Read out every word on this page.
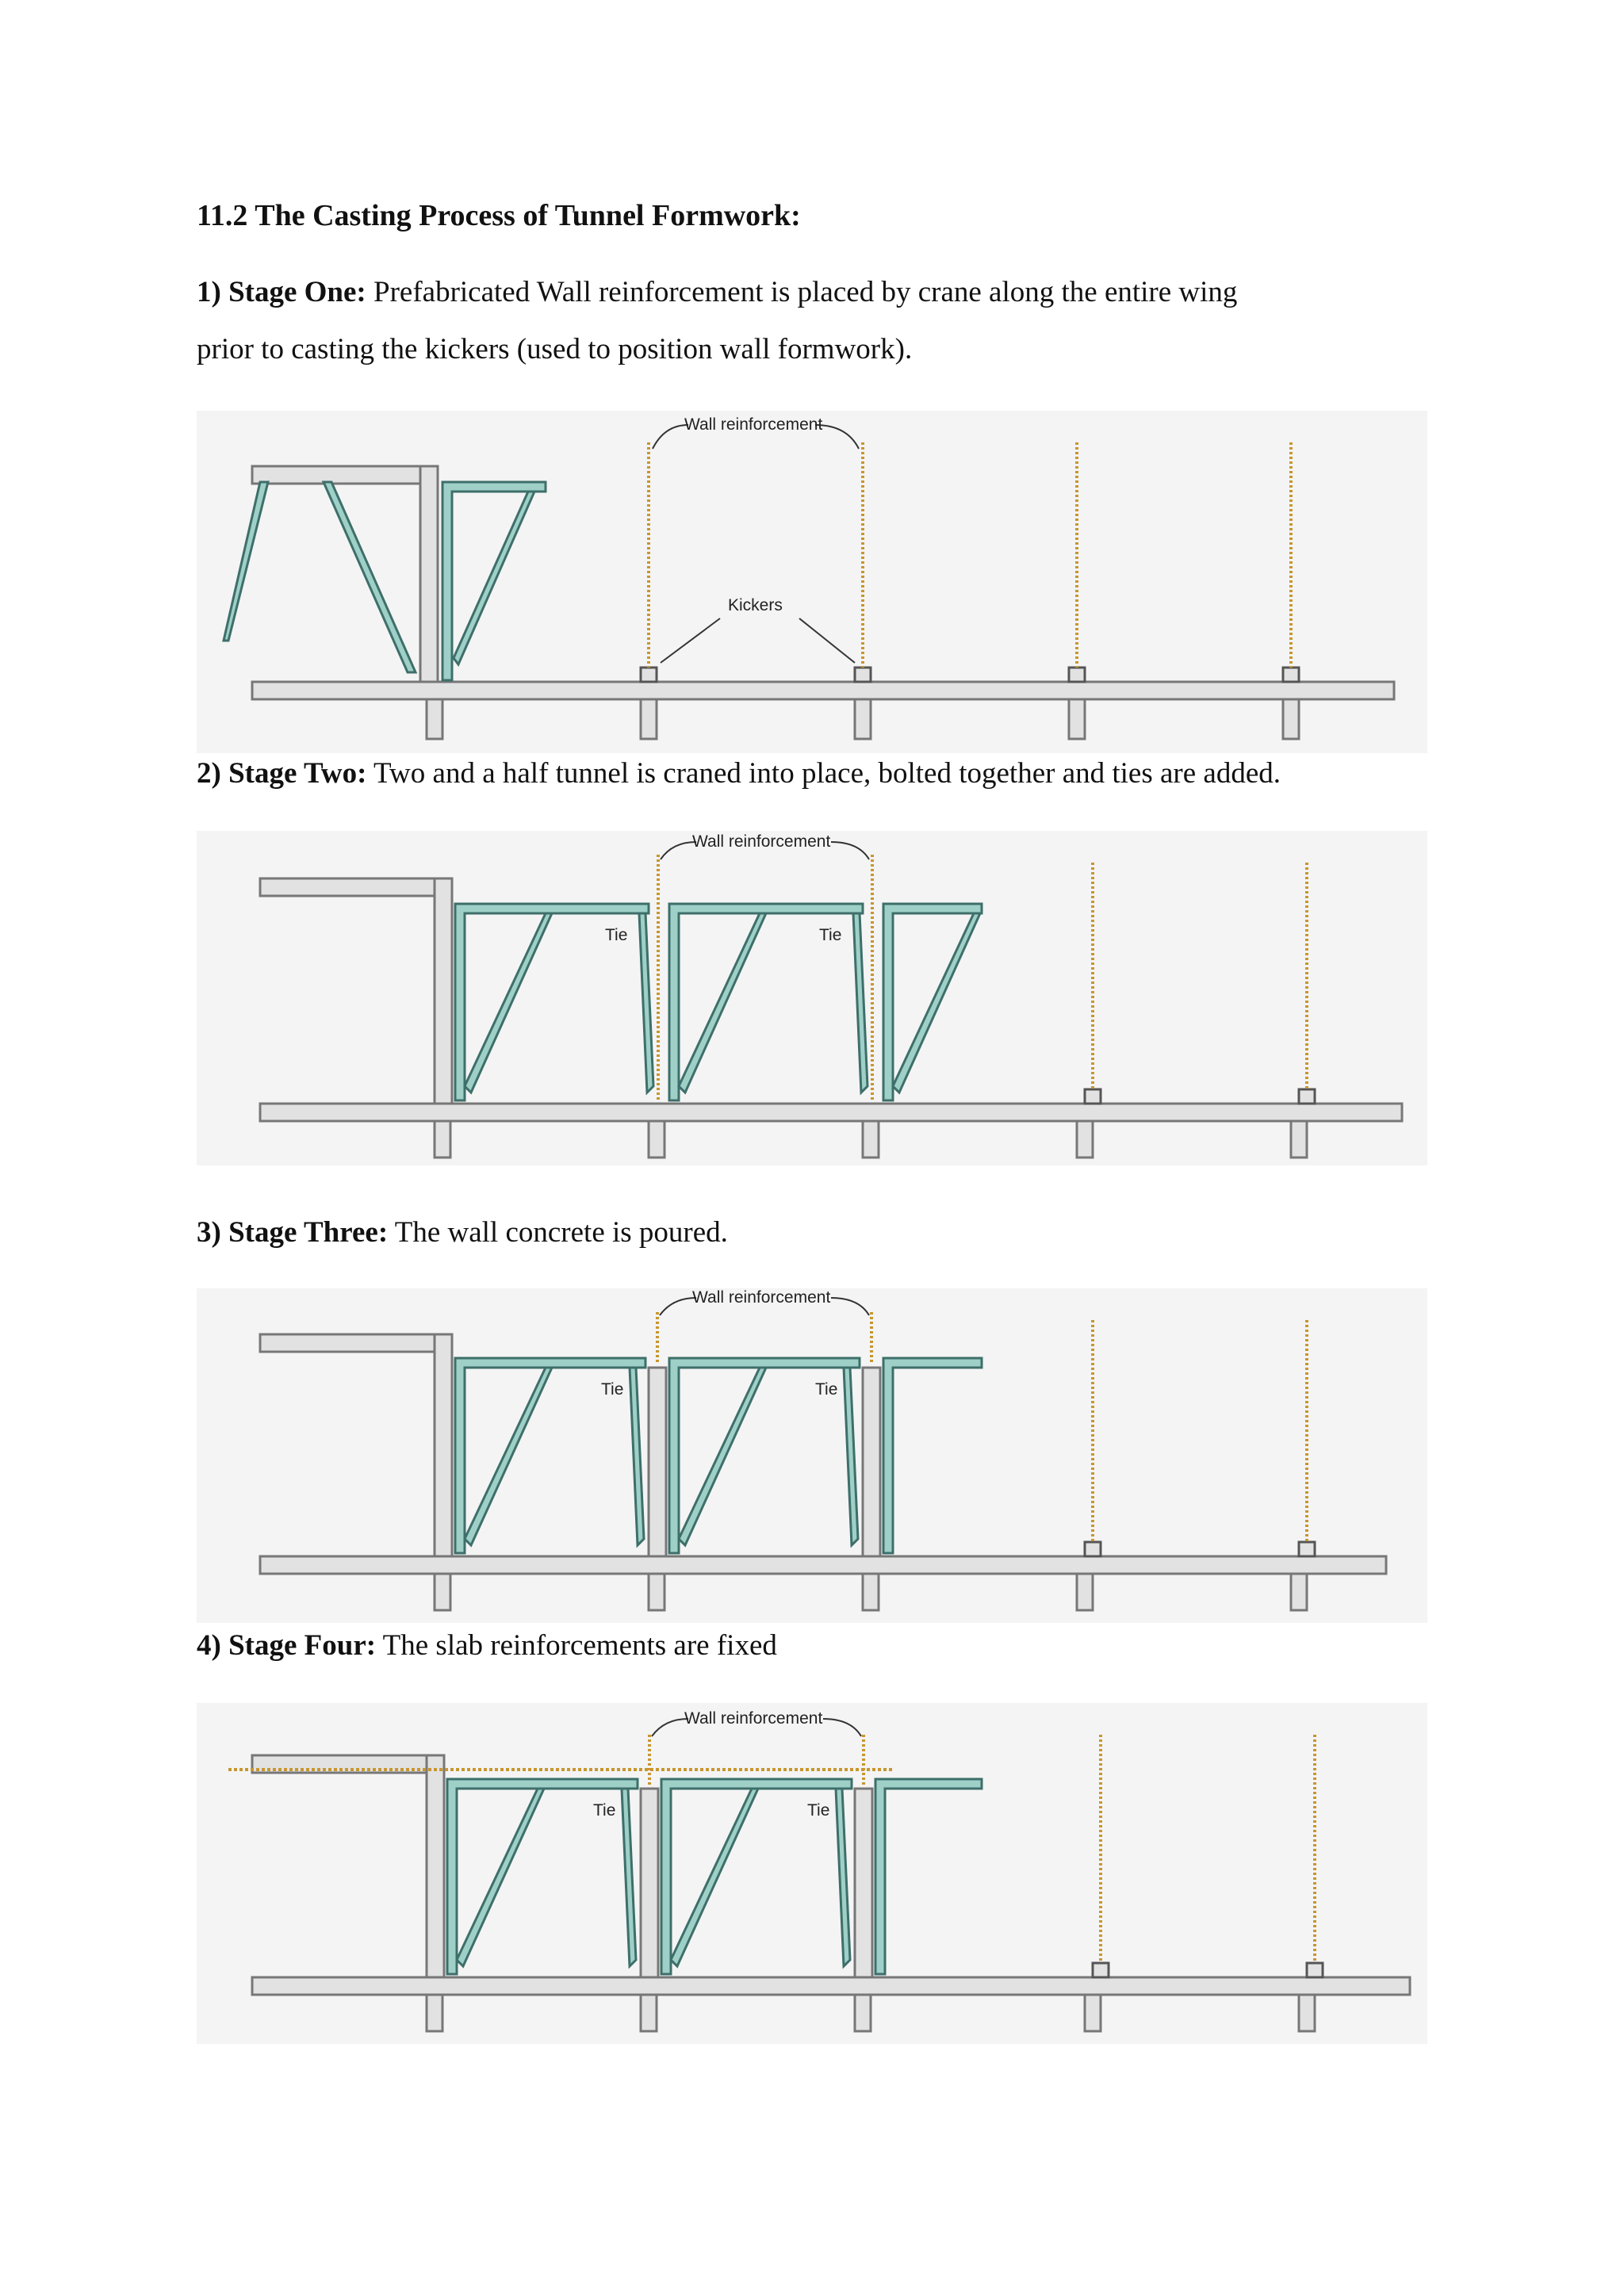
11.2 The Casting Process of Tunnel Formwork:
1) Stage One: Prefabricated Wall reinforcement is placed by crane along the entire wing
prior to casting the kickers (used to position wall formwork).
Wall reinforcement
Kickers
2) Stage Two: Two and a half tunnel is craned into place, bolted together and ties are added.
Wall reinforcement
Tie	Tie
3) Stage Three: The wall concrete is poured.
Wall reinforcement
Tie	Tie
4) Stage Four: The slab reinforcements are fixed
Wall reinforcement
Tie	Tie
